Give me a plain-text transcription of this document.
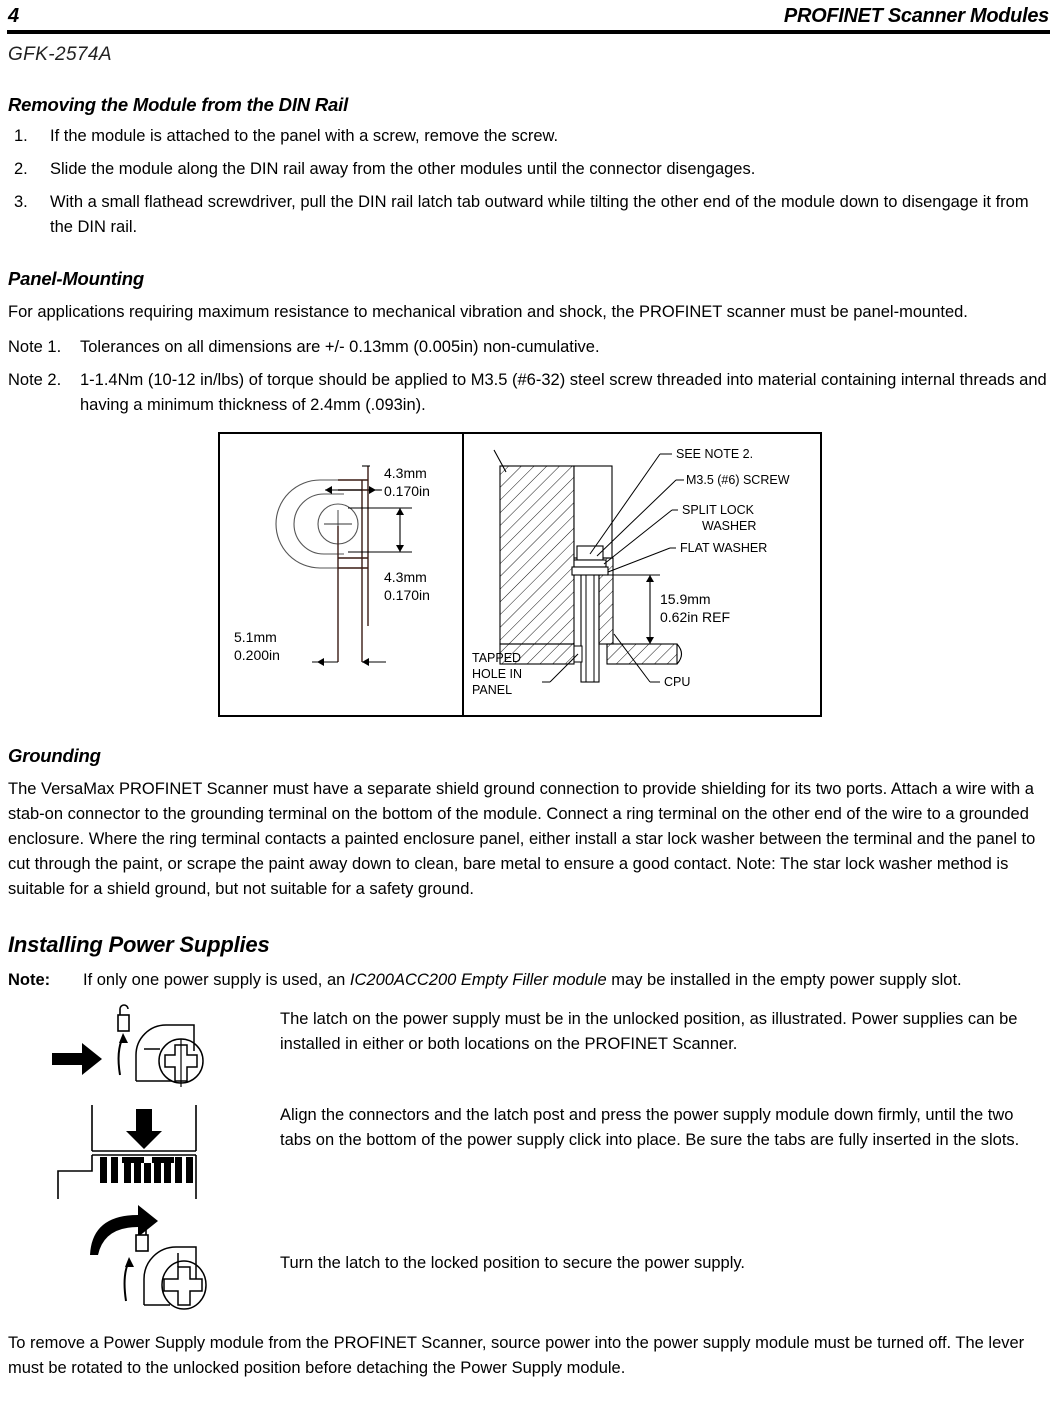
4	PROFINET Scanner Modules
GFK-2574A
Removing the Module from the DIN Rail
1.	If the module is attached to the panel with a screw, remove the screw.
2.	Slide the module along the DIN rail away from the other modules until the connector disengages.
3.	With a small flathead screwdriver, pull the DIN rail latch tab outward while tilting the other end of the module down to disengage it from the DIN rail.
Panel-Mounting

For applications requiring maximum resistance to mechanical vibration and shock, the PROFINET scanner must be panel-mounted.

Note 1.	Tolerances on all dimensions are +/- 0.13mm (0.005in) non-cumulative.
Note 2.	1-1.4Nm (10-12 in/lbs) of torque should be applied to M3.5 (#6-32) steel screw threaded into material containing internal threads and having a minimum thickness of 2.4mm (.093in).
4.3mm
0.170in
4.3mm
0.170in
5.1mm
0.200in
15.9mm
0.62in REF
SEE NOTE 2.
M3.5 (#6) SCREW
SPLIT LOCK
WASHER
FLAT WASHER
TAPPED
HOLE IN
PANEL
CPU
Grounding

The VersaMax PROFINET Scanner must have a separate shield ground connection to provide shielding for its two ports. Attach a wire with a stab-on connector to the grounding terminal on the bottom of the module. Connect a ring terminal on the other end of the wire to a grounded enclosure. Where the ring terminal contacts a painted enclosure panel, either install a star lock washer between the terminal and the panel to cut through the paint, or scrape the paint away down to clean, bare metal to ensure a good contact. Note: The star lock washer method is suitable for a shield ground, but not suitable for a safety ground.

Installing Power Supplies
Note:	If only one power supply is used, an IC200ACC200 Empty Filler module may be installed in the empty power supply slot.
The latch on the power supply must be in the unlocked position, as illustrated. Power supplies can be installed in either or both locations on the PROFINET Scanner.
Align the connectors and the latch post and press the power supply module down firmly, until the two tabs on the bottom of the power supply click into place. Be sure the tabs are fully inserted in the slots.
Turn the latch to the locked position to secure the power supply.

To remove a Power Supply module from the PROFINET Scanner, source power into the power supply module must be turned off. The lever must be rotated to the unlocked position before detaching the Power Supply module.
